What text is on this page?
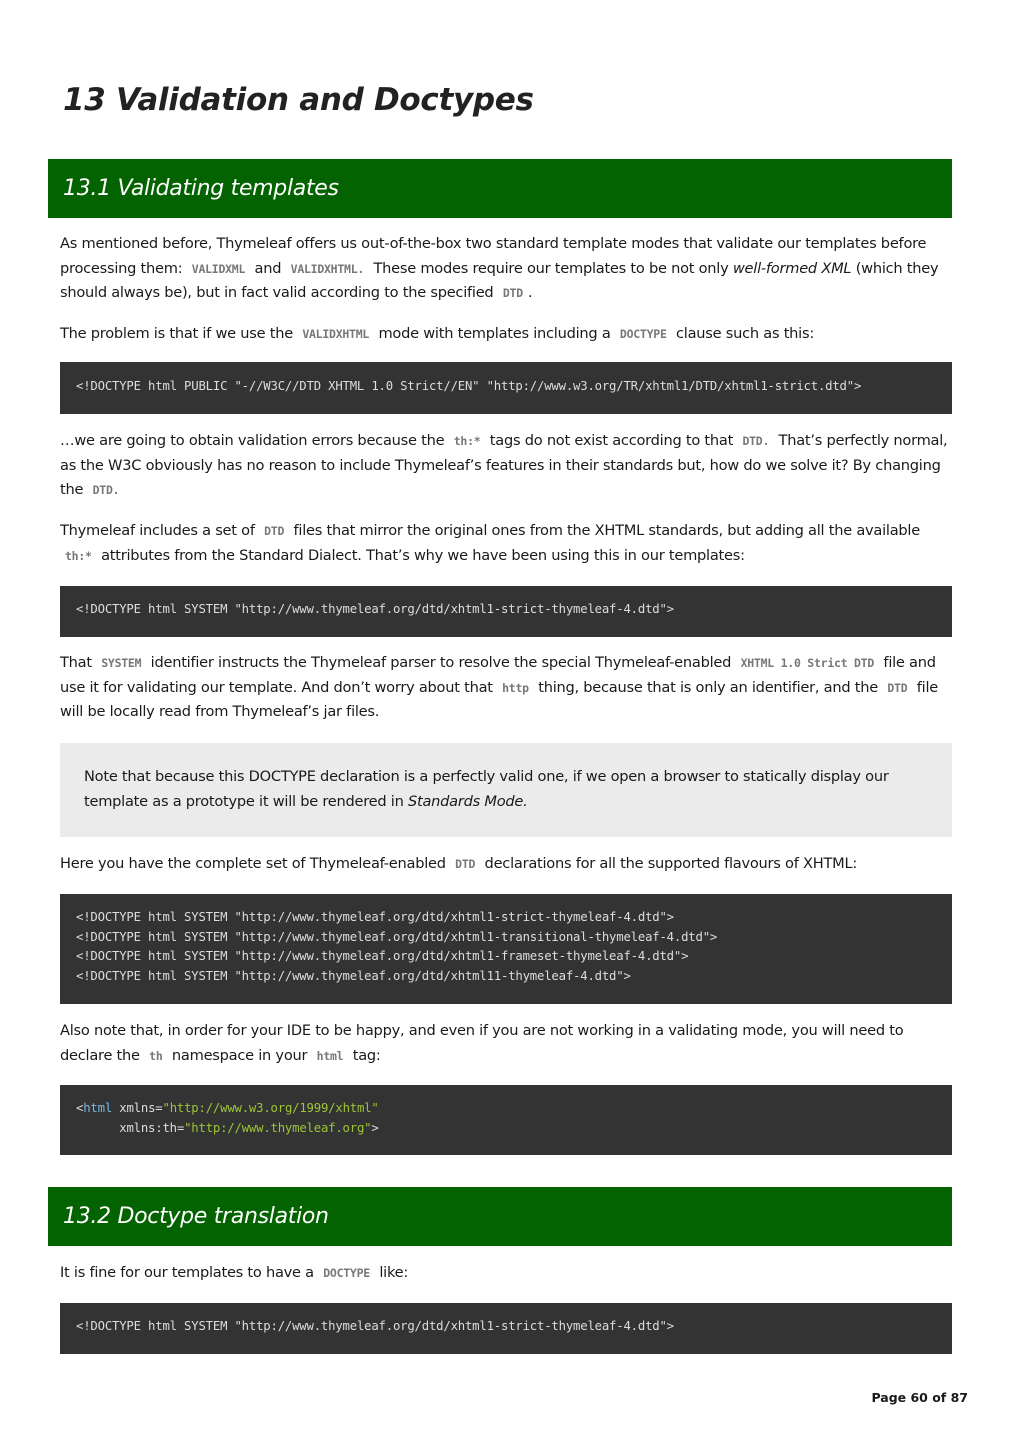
13 Validation and Doctypes
13.1 Validating templates

As mentioned before, Thymeleaf offers us out-of-the-box two standard template modes that validate our templates before processing them: VALIDXML and VALIDXHTML. These modes require our templates to be not only well-formed XML (which they should always be), but in fact valid according to the specified DTD .

The problem is that if we use the VALIDXHTML mode with templates including a DOCTYPE clause such as this:

<!DOCTYPE html PUBLIC "-//W3C//DTD XHTML 1.0 Strict//EN" "http://www.w3.org/TR/xhtml1/DTD/xhtml1-strict.dtd">

…we are going to obtain validation errors because the th:* tags do not exist according to that DTD. That’s perfectly normal, as the W3C obviously has no reason to include Thymeleaf’s features in their standards but, how do we solve it? By changing the DTD.

Thymeleaf includes a set of DTD files that mirror the original ones from the XHTML standards, but adding all the available th:* attributes from the Standard Dialect. That’s why we have been using this in our templates:

<!DOCTYPE html SYSTEM "http://www.thymeleaf.org/dtd/xhtml1-strict-thymeleaf-4.dtd">

That SYSTEM identifier instructs the Thymeleaf parser to resolve the special Thymeleaf-enabled XHTML 1.0 Strict DTD file and use it for validating our template. And don’t worry about that http thing, because that is only an identifier, and the DTD file will be locally read from Thymeleaf’s jar files.

Note that because this DOCTYPE declaration is a perfectly valid one, if we open a browser to statically display our template as a prototype it will be rendered in Standards Mode.

Here you have the complete set of Thymeleaf-enabled DTD declarations for all the supported flavours of XHTML:

<!DOCTYPE html SYSTEM "http://www.thymeleaf.org/dtd/xhtml1-strict-thymeleaf-4.dtd">
<!DOCTYPE html SYSTEM "http://www.thymeleaf.org/dtd/xhtml1-transitional-thymeleaf-4.dtd">
<!DOCTYPE html SYSTEM "http://www.thymeleaf.org/dtd/xhtml1-frameset-thymeleaf-4.dtd">
<!DOCTYPE html SYSTEM "http://www.thymeleaf.org/dtd/xhtml11-thymeleaf-4.dtd">

Also note that, in order for your IDE to be happy, and even if you are not working in a validating mode, you will need to declare the th namespace in your html tag:

<html xmlns="http://www.w3.org/1999/xhtml"
xmlns:th="http://www.thymeleaf.org">
13.2 Doctype translation

It is fine for our templates to have a DOCTYPE like:

<!DOCTYPE html SYSTEM "http://www.thymeleaf.org/dtd/xhtml1-strict-thymeleaf-4.dtd">
Page 60 of 87
